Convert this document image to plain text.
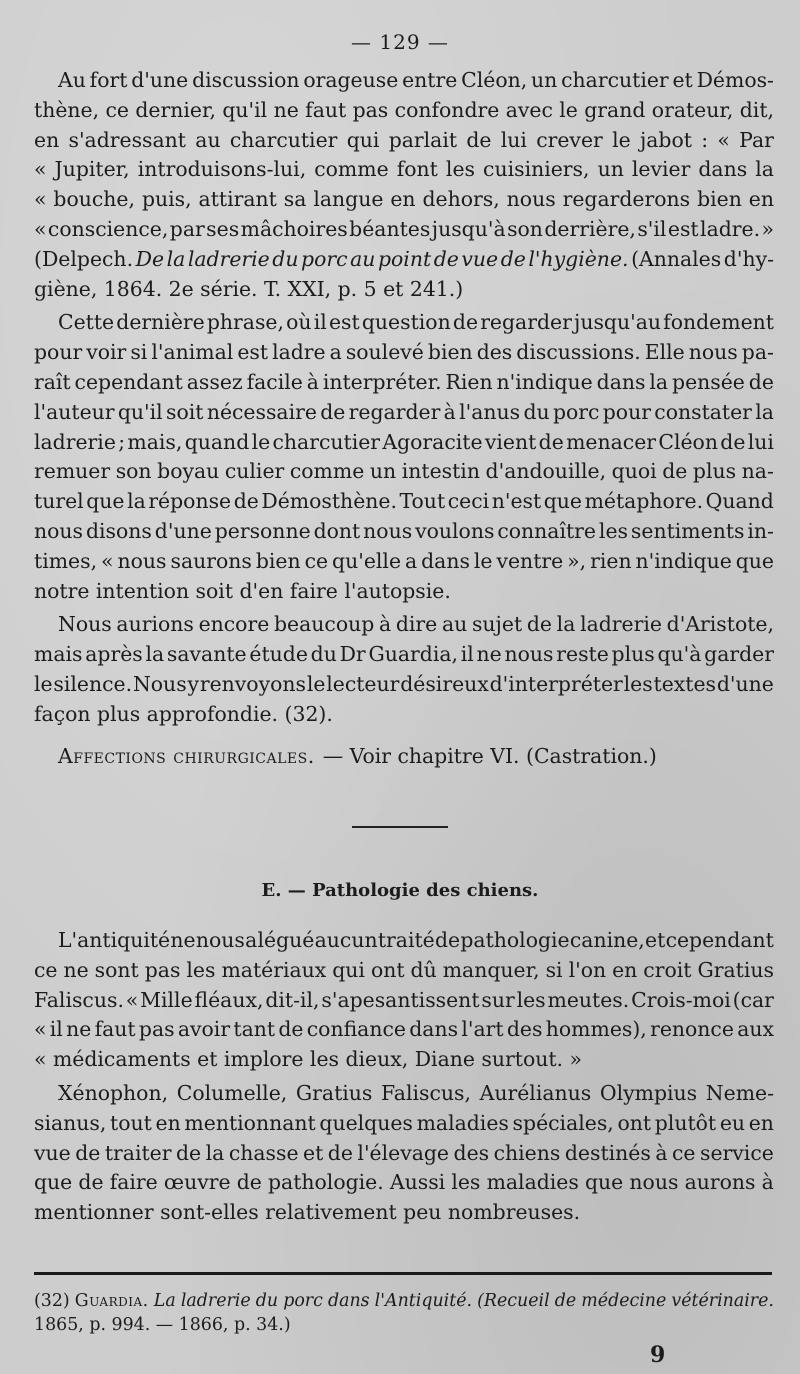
— 129 —
Au fort d'une discussion orageuse entre Cléon, un charcutier et Démos-
thène, ce dernier, qu'il ne faut pas confondre avec le grand orateur, dit,
en s'adressant au charcutier qui parlait de lui crever le jabot : « Par
« Jupiter, introduisons-lui, comme font les cuisiniers, un levier dans la
« bouche, puis, attirant sa langue en dehors, nous regarderons bien en
« conscience, par ses mâchoires béantes jusqu'à son derrière, s'il est ladre. »
(Delpech. De la ladrerie du porc au point de vue de l'hygiène. (Annales d'hy-
giène, 1864. 2e série. T. XXI, p. 5 et 241.)
Cette dernière phrase, où il est question de regarder jusqu'au fondement
pour voir si l'animal est ladre a soulevé bien des discussions. Elle nous pa-
raît cependant assez facile à interpréter. Rien n'indique dans la pensée de
l'auteur qu'il soit nécessaire de regarder à l'anus du porc pour constater la
ladrerie ; mais, quand le charcutier Agoracite vient de menacer Cléon de lui
remuer son boyau culier comme un intestin d'andouille, quoi de plus na-
turel que la réponse de Démosthène. Tout ceci n'est que métaphore. Quand
nous disons d'une personne dont nous voulons connaître les sentiments in-
times, « nous saurons bien ce qu'elle a dans le ventre », rien n'indique que
notre intention soit d'en faire l'autopsie.
Nous aurions encore beaucoup à dire au sujet de la ladrerie d'Aristote,
mais après la savante étude du Dr Guardia, il ne nous reste plus qu'à garder
le silence. Nous y renvoyons le lecteur désireux d'interpréter les textes d'une
façon plus approfondie. (32).
Affections chirurgicales. — Voir chapitre VI. (Castration.)
E. — Pathologie des chiens.
L'antiquité ne nous a légué aucun traité de pathologie canine, et cependant
ce ne sont pas les matériaux qui ont dû manquer, si l'on en croit Gratius
Faliscus. « Mille fléaux, dit-il, s'apesantissent sur les meutes. Crois-moi (car
« il ne faut pas avoir tant de confiance dans l'art des hommes), renonce aux
« médicaments et implore les dieux, Diane surtout. »
Xénophon, Columelle, Gratius Faliscus, Aurélianus Olympius Neme-
sianus, tout en mentionnant quelques maladies spéciales, ont plutôt eu en
vue de traiter de la chasse et de l'élevage des chiens destinés à ce service
que de faire œuvre de pathologie. Aussi les maladies que nous aurons à
mentionner sont-elles relativement peu nombreuses.
(32) Guardia. La ladrerie du porc dans l'Antiquité. (Recueil de médecine vétérinaire.
1865, p. 994. — 1866, p. 34.)
9
